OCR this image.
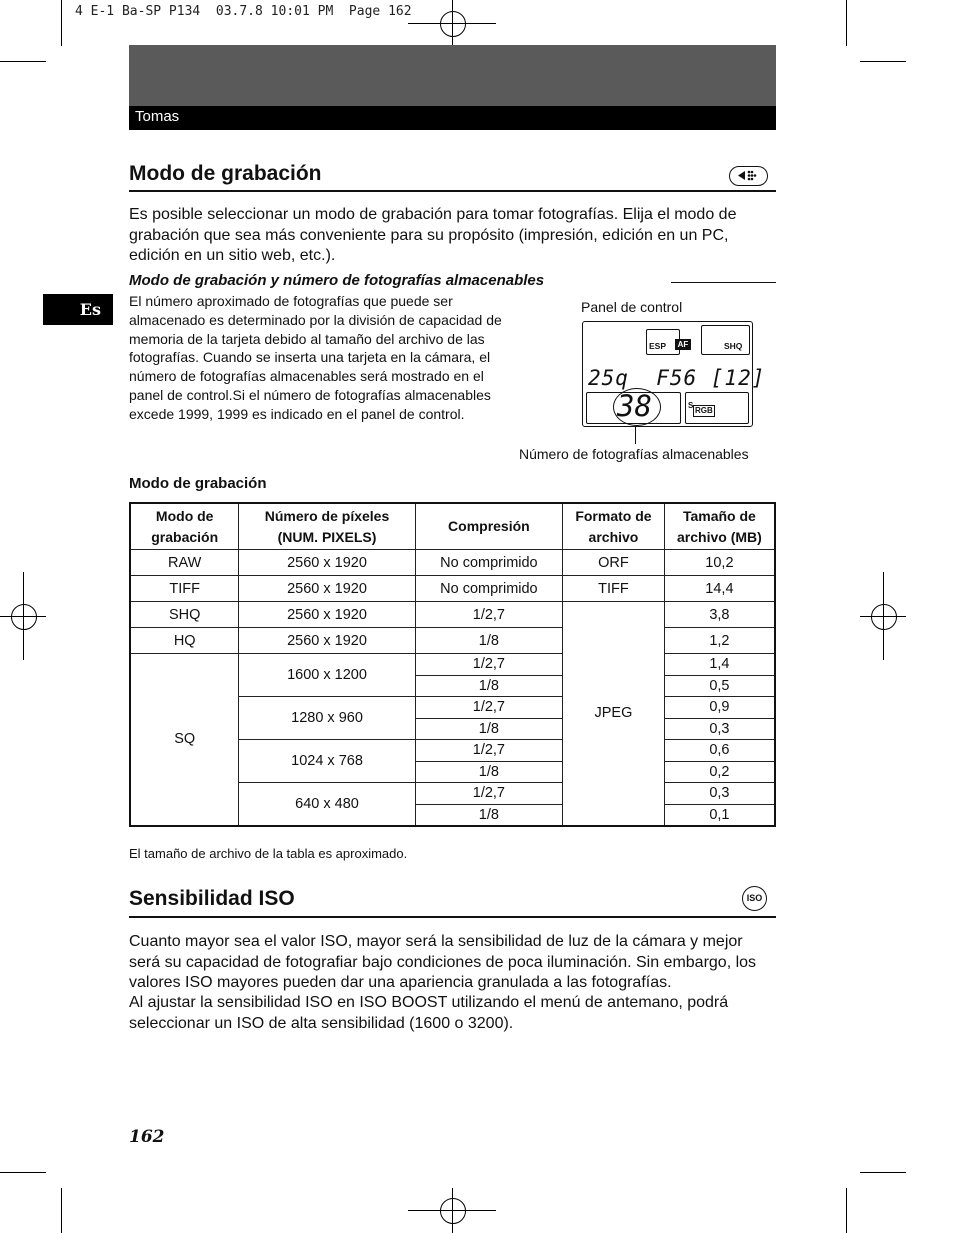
4 E-1 Ba-SP P134  03.7.8 10:01 PM  Page 162
Tomas
Es
Modo de grabación
Es posible seleccionar un modo de grabación para tomar fotografías. Elija el modo de grabación que sea más conveniente para su propósito (impresión, edición en un PC, edición en un sitio web, etc.).
Modo de grabación y número de fotografías almacenables
El número aproximado de fotografías que puede ser almacenado es determinado por la división de capacidad de memoria de la tarjeta debido al tamaño del archivo de las fotografías. Cuando se inserta una tarjeta en la cámara, el número de fotografías almacenables será mostrado en el panel de control.Si el número de fotografías almacenables excede 1999, 1999 es indicado en el panel de control.
Panel de control
ESP	AF	SHQ
25q  F56 [12]
38	S
RGB
Número de fotografías almacenables
Modo de grabación
Modo de grabación	Número de píxeles (NUM. PIXELS)	Compresión	Formato de archivo	Tamaño de archivo (MB)
RAW	2560 x 1920	No comprimido	ORF	10,2
TIFF	2560 x 1920	No comprimido	TIFF	14,4
SHQ	2560 x 1920	1/2,7	JPEG	3,8
HQ	2560 x 1920	1/8		1,2
SQ	1600 x 1200	1/2,7		1,4
		1/8		0,5
	1280 x 960	1/2,7		0,9
		1/8		0,3
	1024 x 768	1/2,7		0,6
		1/8		0,2
	640 x 480	1/2,7		0,3
		1/8		0,1
El tamaño de archivo de la tabla es aproximado.
Sensibilidad ISO	ISO
Cuanto mayor sea el valor ISO, mayor será la sensibilidad de luz de la cámara y mejor será su capacidad de fotografiar bajo condiciones de poca iluminación. Sin embargo, los valores ISO mayores pueden dar una apariencia granulada a las fotografías.
Al ajustar la sensibilidad ISO en ISO BOOST utilizando el menú de antemano, podrá seleccionar un ISO de alta sensibilidad (1600 o 3200).
162
